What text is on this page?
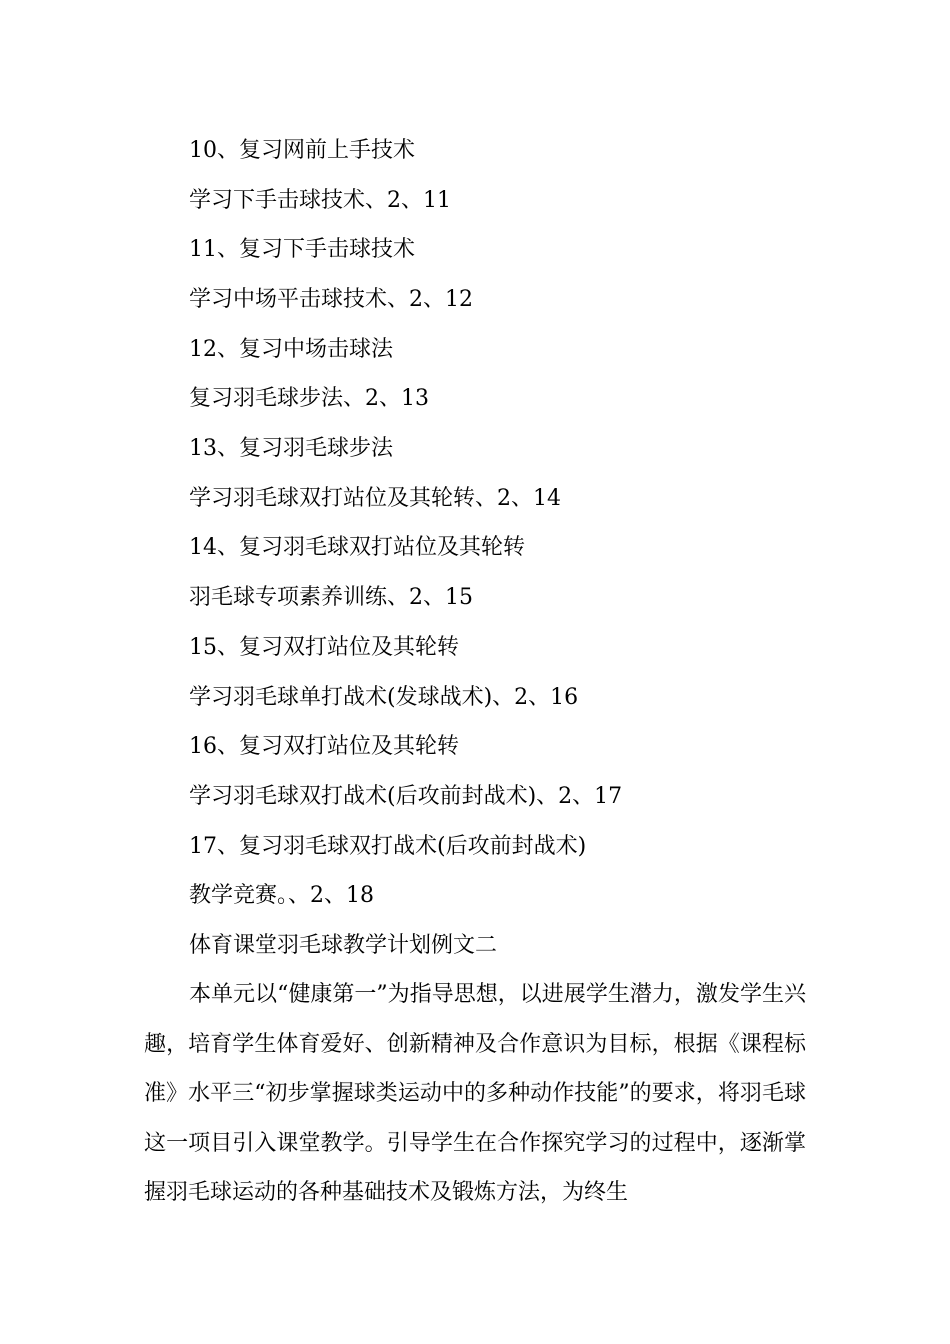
10、复习网前上手技术
学习下手击球技术、2、11
11、复习下手击球技术
学习中场平击球技术、2、12
12、复习中场击球法
复习羽毛球步法、2、13
13、复习羽毛球步法
学习羽毛球双打站位及其轮转、2、14
14、复习羽毛球双打站位及其轮转
羽毛球专项素养训练、2、15
15、复习双打站位及其轮转
学习羽毛球单打战术(发球战术)、2、16
16、复习双打站位及其轮转
学习羽毛球双打战术(后攻前封战术)、2、17
17、复习羽毛球双打战术(后攻前封战术)
教学竞赛。、2、18
体育课堂羽毛球教学计划例文二
本单元以“健康第一”为指导思想，以进展学生潜力，激发学生兴趣，培育学生体育爱好、创新精神及合作意识为目标，根据《课程标准》水平三“初步掌握球类运动中的多种动作技能”的要求，将羽毛球这一项目引入课堂教学。引导学生在合作探究学习的过程中，逐渐掌握羽毛球运动的各种基础技术及锻炼方法，为终生
